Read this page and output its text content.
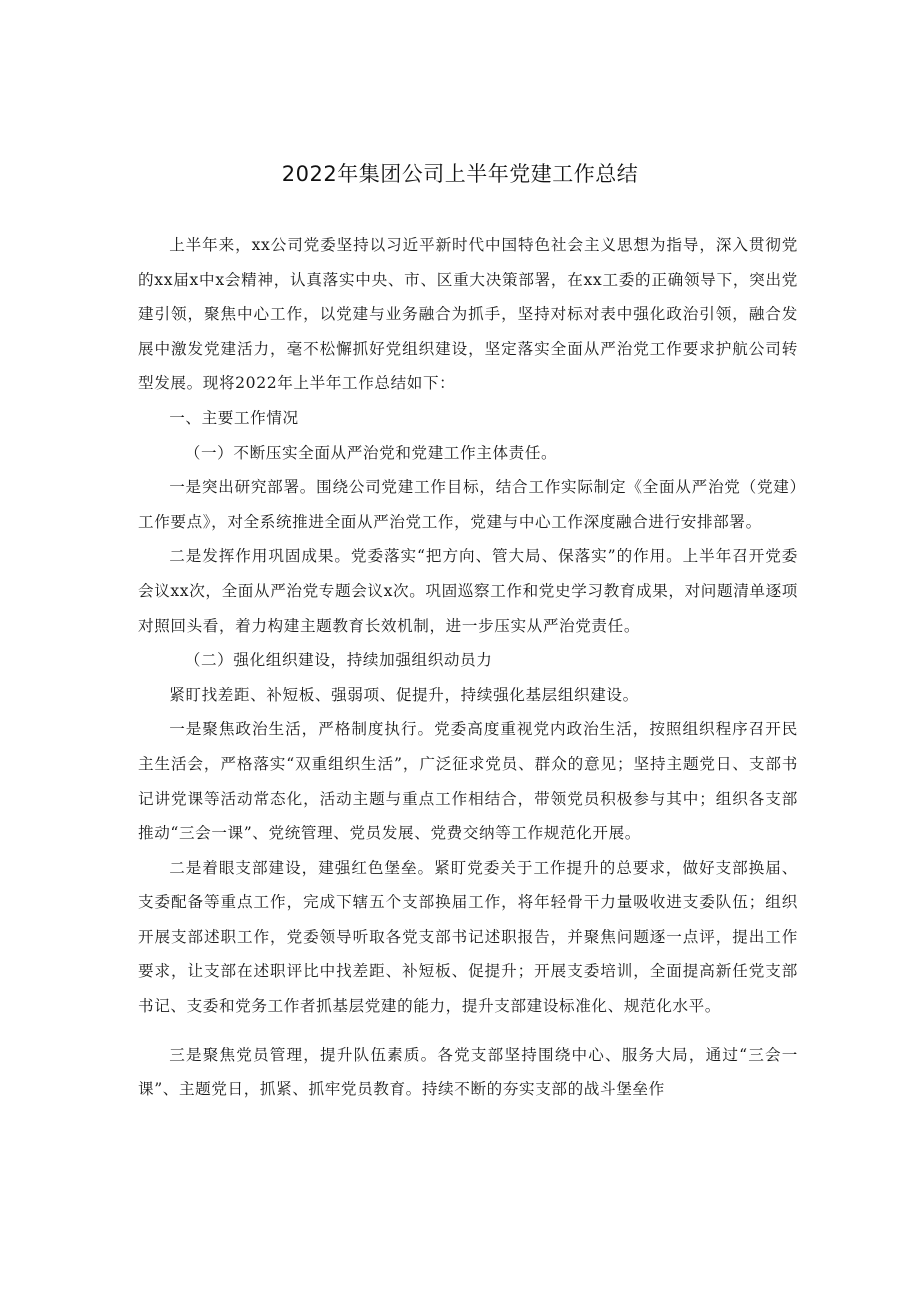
2022年集团公司上半年党建工作总结

上半年来，xx公司党委坚持以习近平新时代中国特色社会主义思想为指导，深入贯彻党的xx届x中x会精神，认真落实中央、市、区重大决策部署，在xx工委的正确领导下，突出党建引领，聚焦中心工作，以党建与业务融合为抓手，坚持对标对表中强化政治引领，融合发展中激发党建活力，毫不松懈抓好党组织建设，坚定落实全面从严治党工作要求护航公司转型发展。现将2022年上半年工作总结如下：

一、主要工作情况

（一）不断压实全面从严治党和党建工作主体责任。

一是突出研究部署。围绕公司党建工作目标，结合工作实际制定《全面从严治党（党建）工作要点》，对全系统推进全面从严治党工作，党建与中心工作深度融合进行安排部署。

二是发挥作用巩固成果。党委落实“把方向、管大局、保落实”的作用。上半年召开党委会议xx次，全面从严治党专题会议x次。巩固巡察工作和党史学习教育成果，对问题清单逐项对照回头看，着力构建主题教育长效机制，进一步压实从严治党责任。

（二）强化组织建设，持续加强组织动员力

紧盯找差距、补短板、强弱项、促提升，持续强化基层组织建设。

一是聚焦政治生活，严格制度执行。党委高度重视党内政治生活，按照组织程序召开民主生活会，严格落实“双重组织生活”，广泛征求党员、群众的意见；坚持主题党日、支部书记讲党课等活动常态化，活动主题与重点工作相结合，带领党员积极参与其中；组织各支部推动“三会一课”、党统管理、党员发展、党费交纳等工作规范化开展。

二是着眼支部建设，建强红色堡垒。紧盯党委关于工作提升的总要求，做好支部换届、支委配备等重点工作，完成下辖五个支部换届工作，将年轻骨干力量吸收进支委队伍；组织开展支部述职工作，党委领导听取各党支部书记述职报告，并聚焦问题逐一点评，提出工作要求，让支部在述职评比中找差距、补短板、促提升；开展支委培训，全面提高新任党支部书记、支委和党务工作者抓基层党建的能力，提升支部建设标准化、规范化水平。

三是聚焦党员管理，提升队伍素质。各党支部坚持围绕中心、服务大局，通过“三会一课”、主题党日，抓紧、抓牢党员教育。持续不断的夯实支部的战斗堡垒作
